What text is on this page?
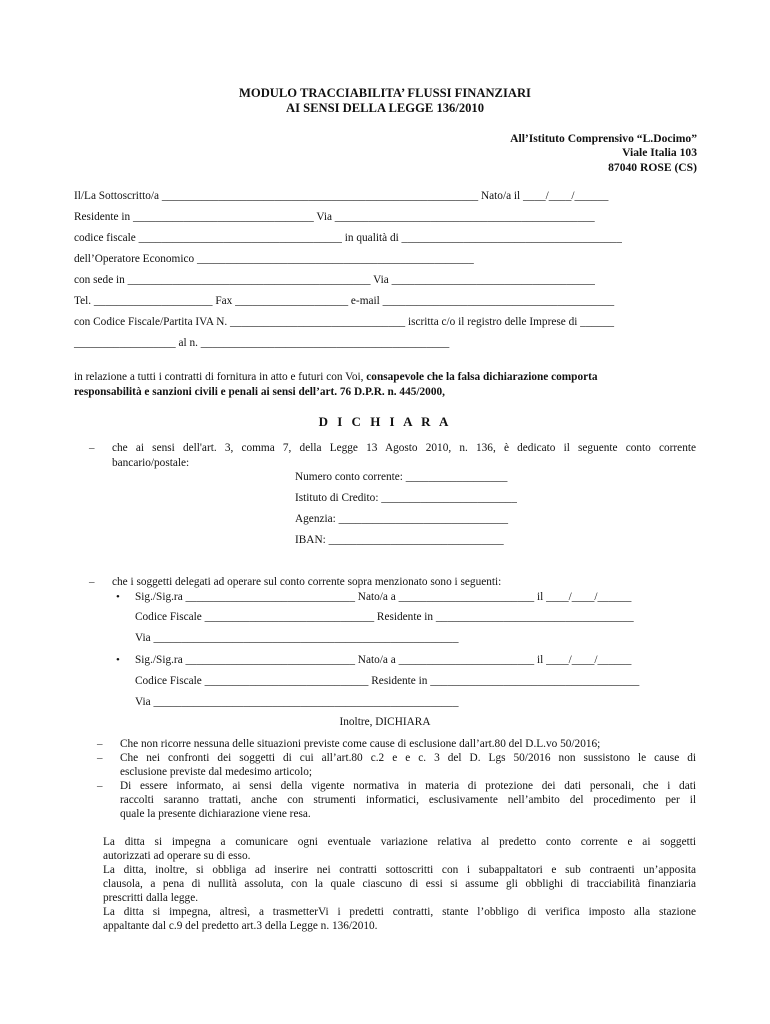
MODULO TRACCIABILITA’ FLUSSI FINANZIARI
AI SENSI DELLA LEGGE 136/2010
All’Istituto Comprensivo “L.Docimo”
Viale Italia 103
87040 ROSE (CS)
Il/La Sottoscritto/a ________________________________________________________ Nato/a il ____/____/______
Residente in ________________________________ Via ______________________________________________
codice fiscale ____________________________________ in qualità di _______________________________________
dell’Operatore Economico _________________________________________________
con sede in ___________________________________________ Via ____________________________________
Tel. _____________________ Fax ____________________ e-mail _________________________________________
con Codice Fiscale/Partita IVA N. _______________________________ iscritta c/o il registro delle Imprese di ______
__________________ al n. ____________________________________________
in relazione a tutti i contratti di fornitura in atto e futuri con Voi, consapevole che la falsa dichiarazione comporta
responsabilità e sanzioni civili e penali ai sensi dell’art. 76 D.P.R. n. 445/2000,
D I C H I A R A
– che ai sensi dell'art. 3, comma 7, della Legge 13 Agosto 2010, n. 136, è dedicato il seguente conto corrente
bancario/postale:
Numero conto corrente: __________________
Istituto di Credito: ________________________
Agenzia: ______________________________
IBAN: _______________________________
– che i soggetti delegati ad operare sul conto corrente sopra menzionato sono i seguenti:
• Sig./Sig.ra ______________________________ Nato/a a ________________________ il ____/____/______
Codice Fiscale ______________________________ Residente in ___________________________________
Via ______________________________________________________
• Sig./Sig.ra ______________________________ Nato/a a ________________________ il ____/____/______
Codice Fiscale _____________________________ Residente in _____________________________________
Via ______________________________________________________
Inoltre, DICHIARA
– Che non ricorre nessuna delle situazioni previste come cause di esclusione dall’art.80 del D.L.vo 50/2016;
– Che nei confronti dei soggetti di cui all’art.80 c.2 e e c. 3 del D. Lgs 50/2016 non sussistono le cause di
esclusione previste dal medesimo articolo;
– Di essere informato, ai sensi della vigente normativa in materia di protezione dei dati personali, che i dati
raccolti saranno trattati, anche con strumenti informatici, esclusivamente nell’ambito del procedimento per il
quale la presente dichiarazione viene resa.
La ditta si impegna a comunicare ogni eventuale variazione relativa al predetto conto corrente e ai soggetti
autorizzati ad operare su di esso.
La ditta, inoltre, si obbliga ad inserire nei contratti sottoscritti con i subappaltatori e sub contraenti un’apposita
clausola, a pena di nullità assoluta, con la quale ciascuno di essi si assume gli obblighi di tracciabilità finanziaria
prescritti dalla legge.
La ditta si impegna, altresì, a trasmetterVi i predetti contratti, stante l’obbligo di verifica imposto alla stazione
appaltante dal c.9 del predetto art.3 della Legge n. 136/2010.
